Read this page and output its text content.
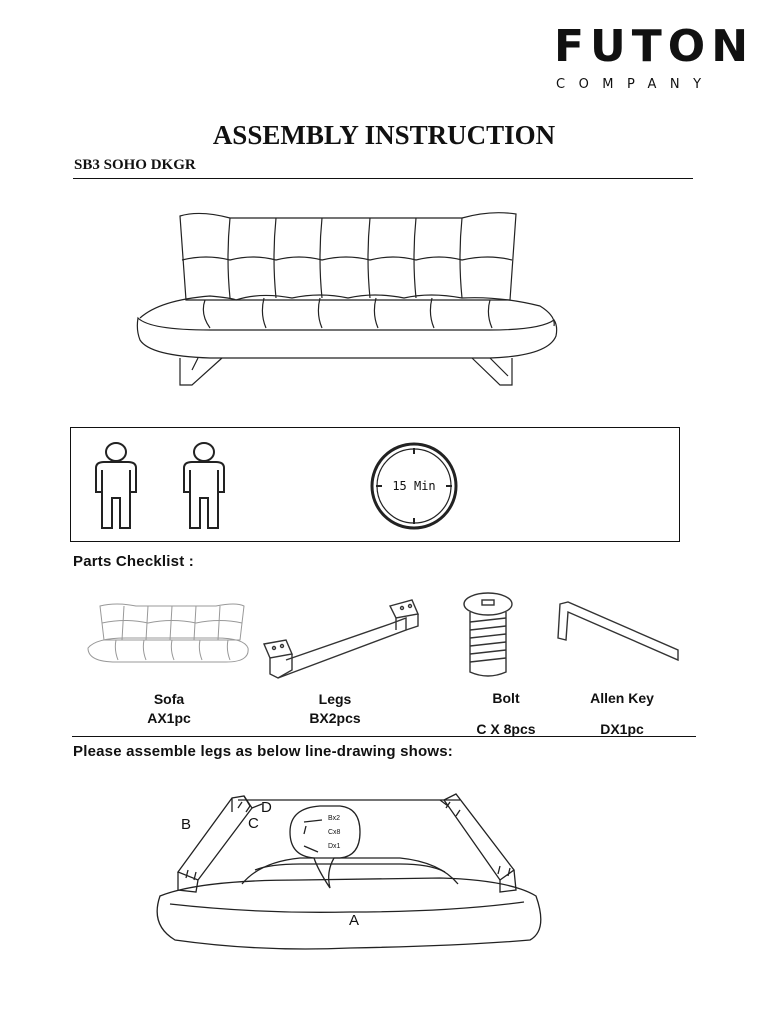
FUTON
COMPANY
ASSEMBLY INSTRUCTION
SB3 SOHO DKGR
15 Min
Parts Checklist :
Sofa
AX1pc
Legs
BX2pcs
Bolt
C X 8pcs
Allen Key
DX1pc
Please assemble legs as below line-drawing shows:
B	C
D
A
Bx2
Cx8
Dx1
